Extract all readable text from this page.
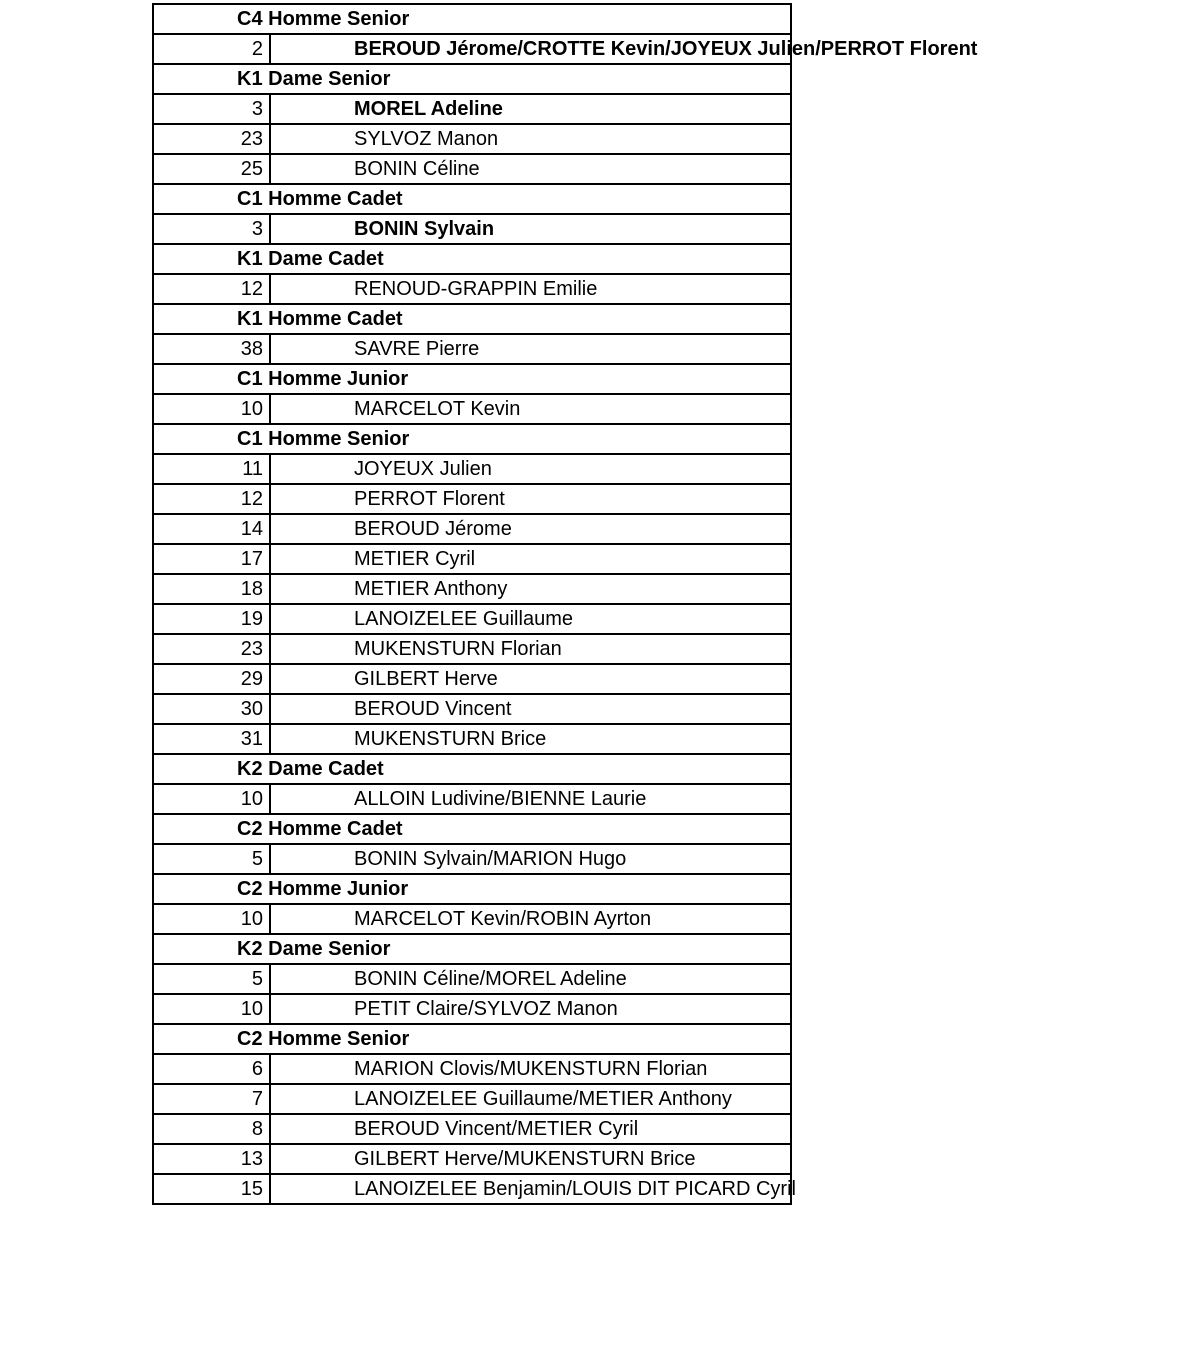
C4 Homme Senior	
2	BEROUD Jérome/CROTTE Kevin/JOYEUX Julien/PERROT Florent
K1 Dame Senior	
3	MOREL Adeline
23	SYLVOZ Manon
25	BONIN Céline
C1 Homme Cadet	
3	BONIN Sylvain
K1 Dame Cadet	
12	RENOUD-GRAPPIN Emilie
K1 Homme Cadet	
38	SAVRE Pierre
C1 Homme Junior	
10	MARCELOT Kevin
C1 Homme Senior	
11	JOYEUX Julien
12	PERROT Florent
14	BEROUD Jérome
17	METIER Cyril
18	METIER Anthony
19	LANOIZELEE Guillaume
23	MUKENSTURN Florian
29	GILBERT Herve
30	BEROUD Vincent
31	MUKENSTURN Brice
K2 Dame Cadet	
10	ALLOIN Ludivine/BIENNE Laurie
C2 Homme Cadet	
5	BONIN Sylvain/MARION Hugo
C2 Homme Junior	
10	MARCELOT Kevin/ROBIN Ayrton
K2 Dame Senior	
5	BONIN Céline/MOREL Adeline
10	PETIT Claire/SYLVOZ Manon
C2 Homme Senior	
6	MARION Clovis/MUKENSTURN Florian
7	LANOIZELEE Guillaume/METIER Anthony
8	BEROUD Vincent/METIER Cyril
13	GILBERT Herve/MUKENSTURN Brice
15	LANOIZELEE Benjamin/LOUIS DIT PICARD Cyril
